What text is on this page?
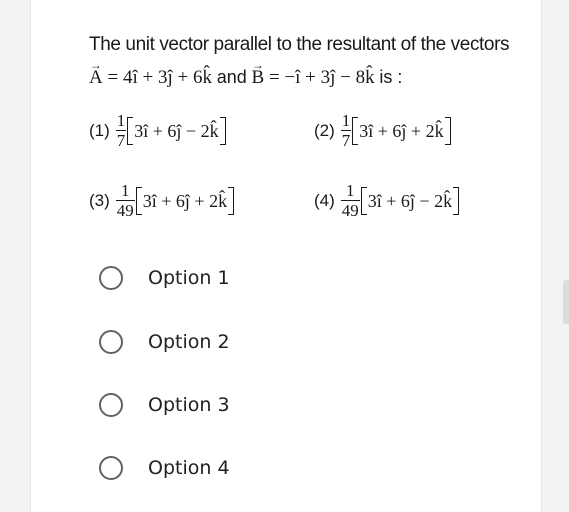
The unit vector parallel to the resultant of the vectors
→ A = 4î + 3ĵ + 6k̂ and → B = −î + 3ĵ − 8k̂ is :
$(1) \frac{1}{7}$ 3î + 6ĵ − 2k̂	$(2) \frac{1}{7}$ 3î + 6ĵ + 2k̂
$(3) \frac{1}{49}$ 3î + 6ĵ + 2k̂	$(4) \frac{1}{49}$ 3î + 6ĵ − 2k̂
Option 1
Option 2
Option 3
Option 4
